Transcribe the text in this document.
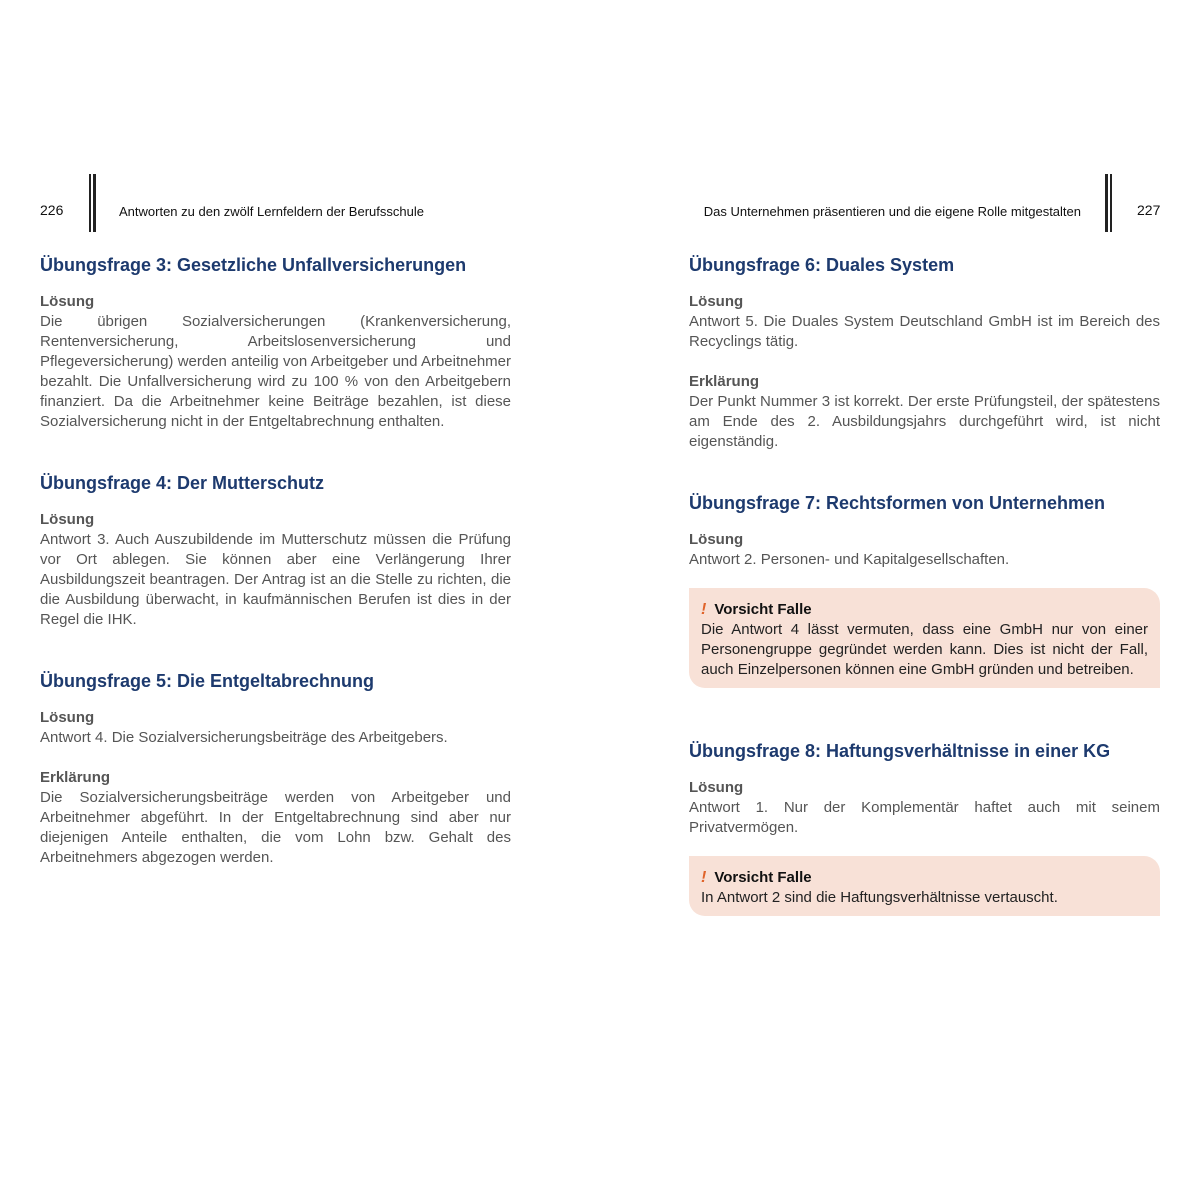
226	Antworten zu den zwölf Lernfeldern der Berufsschule
Übungsfrage 3: Gesetzliche Unfallversicherungen

Lösung

Die übrigen Sozialversicherungen (Krankenversicherung, Rentenversicherung, Arbeitslosenversicherung und Pflegeversicherung) werden anteilig von Arbeitgeber und Arbeitnehmer bezahlt. Die Unfallversicherung wird zu 100 % von den Arbeitgebern finanziert. Da die Arbeitnehmer keine Beiträge bezahlen, ist diese Sozialversicherung nicht in der Entgeltabrechnung enthalten.

Übungsfrage 4: Der Mutterschutz

Lösung

Antwort 3. Auch Auszubildende im Mutterschutz müssen die Prüfung vor Ort ablegen. Sie können aber eine Verlängerung Ihrer Ausbildungszeit beantragen. Der Antrag ist an die Stelle zu richten, die die Ausbildung überwacht, in kaufmännischen Berufen ist dies in der Regel die IHK.

Übungsfrage 5: Die Entgeltabrechnung

Lösung

Antwort 4. Die Sozialversicherungsbeiträge des Arbeitgebers.

Erklärung

Die Sozialversicherungsbeiträge werden von Arbeitgeber und Arbeitnehmer abgeführt. In der Entgeltabrechnung sind aber nur diejenigen Anteile enthalten, die vom Lohn bzw. Gehalt des Arbeitnehmers abgezogen werden.

Das Unternehmen präsentieren und die eigene Rolle mitgestalten	227
Übungsfrage 6: Duales System

Lösung

Antwort 5. Die Duales System Deutschland GmbH ist im Bereich des Recyclings tätig.

Erklärung

Der Punkt Nummer 3 ist korrekt. Der erste Prüfungsteil, der spätestens am Ende des 2. Ausbildungsjahrs durchgeführt wird, ist nicht eigenständig.

Übungsfrage 7: Rechtsformen von Unternehmen

Lösung

Antwort 2. Personen- und Kapitalgesellschaften.

! Vorsicht Falle

Die Antwort 4 lässt vermuten, dass eine GmbH nur von einer Personengruppe gegründet werden kann. Dies ist nicht der Fall, auch Einzelpersonen können eine GmbH gründen und betreiben.

Übungsfrage 8: Haftungsverhältnisse in einer KG

Lösung

Antwort 1. Nur der Komplementär haftet auch mit seinem Privatvermögen.

! Vorsicht Falle

In Antwort 2 sind die Haftungsverhältnisse vertauscht.
